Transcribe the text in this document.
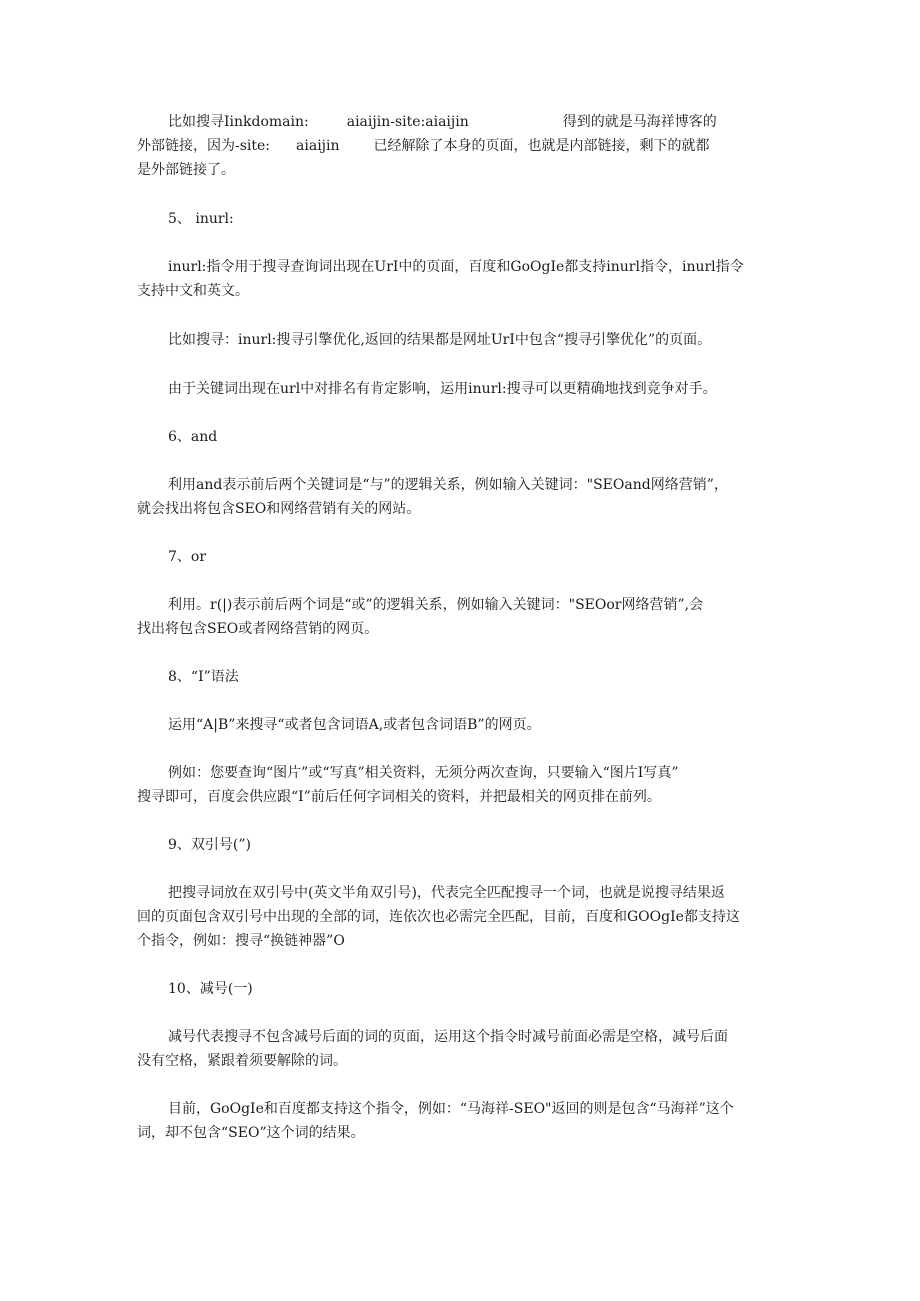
比如搜寻Iinkdomain:	aiaijin-site:aiaijin	得到的就是马海祥博客的
外部链接，因为-site: aiaijin 已经解除了本身的页面，也就是内部链接，剩下的就都
是外部链接了。

5、 inurl:

inurl:指令用于搜寻查询词出现在UrI中的页面，百度和GoOgIe都支持inurl指令，inurl指令
支持中文和英文。

比如搜寻：inurl:搜寻引擎优化,返回的结果都是网址UrI中包含“搜寻引擎优化”的页面。

由于关键词出现在url中对排名有肯定影响，运用inurl:搜寻可以更精确地找到竞争对手。

6、and

利用and表示前后两个关键词是“与”的逻辑关系，例如输入关键词："SEOand网络营销”，
就会找出将包含SEO和网络营销有关的网站。

7、or

利用。r(|)表示前后两个词是“或”的逻辑关系，例如输入关键词："SEOor网络营销”,会
找出将包含SEO或者网络营销的网页。

8、“I”语法

运用“A|B”来搜寻“或者包含词语A,或者包含词语B”的网页。

例如：您要查询“图片”或“写真”相关资料，无须分两次查询，只要输入“图片I写真”
搜寻即可，百度会供应跟“I”前后任何字词相关的资料，并把最相关的网页排在前列。

9、双引号(”)

把搜寻词放在双引号中(英文半角双引号)，代表完全匹配搜寻一个词，也就是说搜寻结果返
回的页面包含双引号中出现的全部的词，连依次也必需完全匹配，目前，百度和GOOgIe都支持这
个指令，例如：搜寻“换链神器”O

10、减号(一)

减号代表搜寻不包含减号后面的词的页面，运用这个指令时减号前面必需是空格，减号后面
没有空格，紧跟着须要解除的词。

目前，GoOgIe和百度都支持这个指令，例如：“马海祥-SEO"返回的则是包含“马海祥”这个
词，却不包含“SEO”这个词的结果。
